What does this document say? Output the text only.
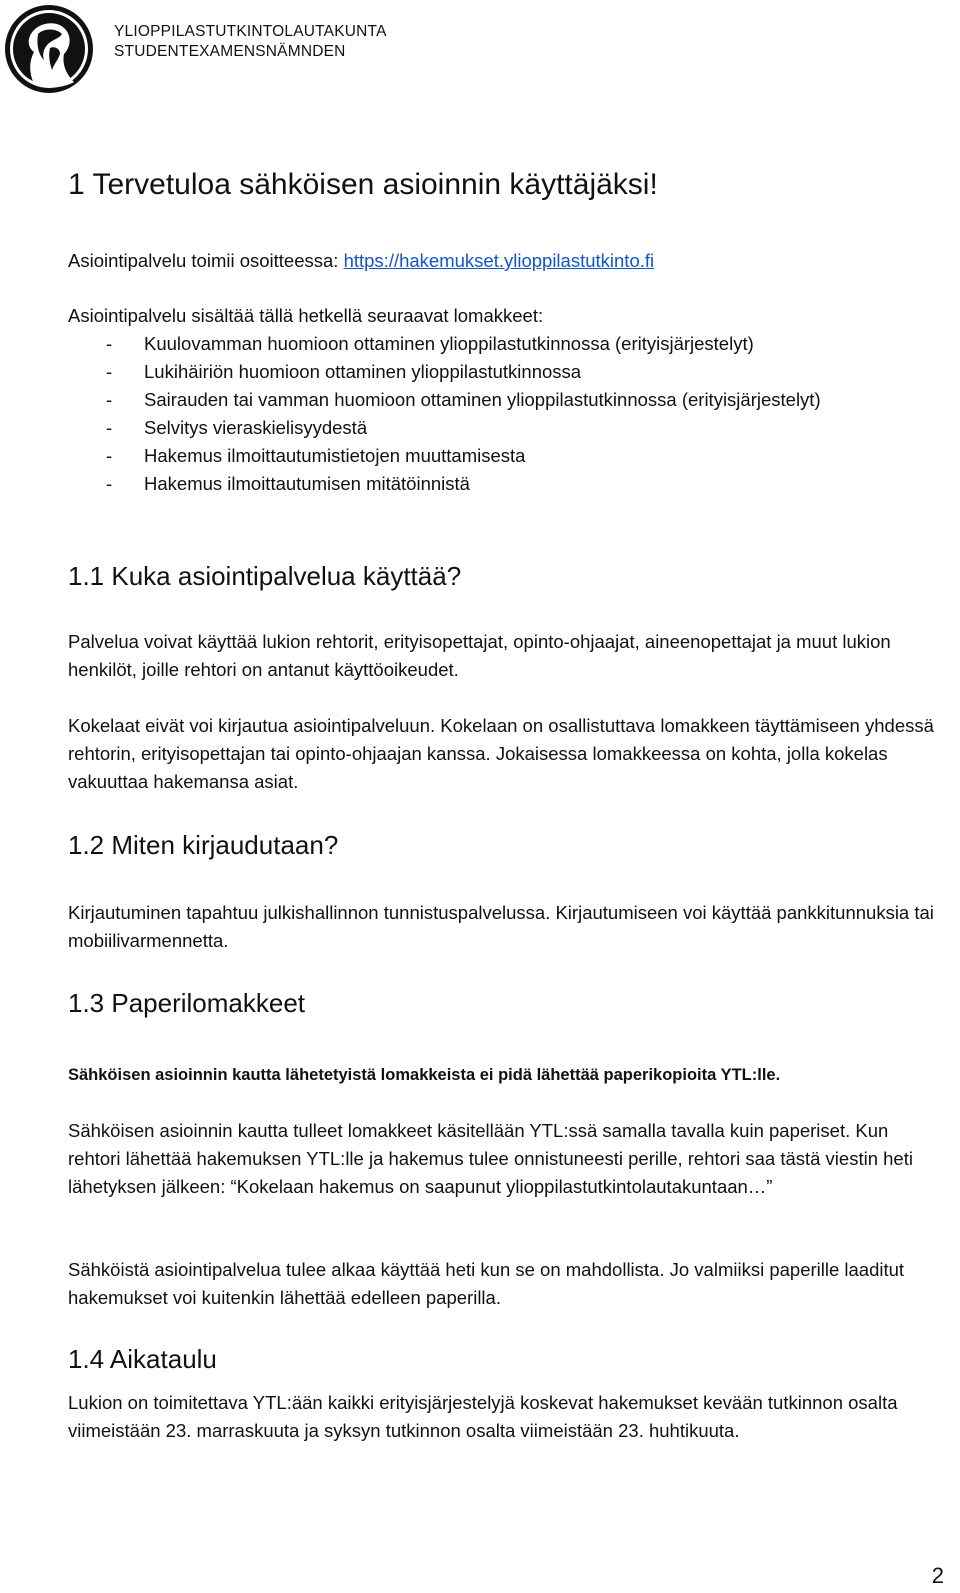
YLIOPPILASTUTKINTOLAUTAKUNTA
STUDENTEXAMENSNÄMNDEN
1 Tervetuloa sähköisen asioinnin käyttäjäksi!
Asiointipalvelu toimii osoitteessa: https://hakemukset.ylioppilastutkinto.fi
Asiointipalvelu sisältää tällä hetkellä seuraavat lomakkeet:
- Kuulovamman huomioon ottaminen ylioppilastutkinnossa (erityisjärjestelyt)
- Lukihäiriön huomioon ottaminen ylioppilastutkinnossa
- Sairauden tai vamman huomioon ottaminen ylioppilastutkinnossa (erityisjärjestelyt)
- Selvitys vieraskielisyydestä
- Hakemus ilmoittautumistietojen muuttamisesta
- Hakemus ilmoittautumisen mitätöinnistä
1.1 Kuka asiointipalvelua käyttää?
Palvelua voivat käyttää lukion rehtorit, erityisopettajat, opinto-ohjaajat, aineenopettajat ja muut lukion henkilöt, joille rehtori on antanut käyttöoikeudet.
Kokelaat eivät voi kirjautua asiointipalveluun. Kokelaan on osallistuttava lomakkeen täyttämiseen yhdessä rehtorin, erityisopettajan tai opinto-ohjaajan kanssa. Jokaisessa lomakkeessa on kohta, jolla kokelas vakuuttaa hakemansa asiat.
1.2 Miten kirjaudutaan?
Kirjautuminen tapahtuu julkishallinnon tunnistuspalvelussa. Kirjautumiseen voi käyttää pankkitunnuksia tai mobiilivarmennetta.
1.3 Paperilomakkeet
Sähköisen asioinnin kautta lähetetyistä lomakkeista ei pidä lähettää paperikopioita YTL:lle.
Sähköisen asioinnin kautta tulleet lomakkeet käsitellään YTL:ssä samalla tavalla kuin paperiset. Kun rehtori lähettää hakemuksen YTL:lle ja hakemus tulee onnistuneesti perille, rehtori saa tästä viestin heti lähetyksen jälkeen: “Kokelaan hakemus on saapunut ylioppilastutkintolautakuntaan…”
Sähköistä asiointipalvelua tulee alkaa käyttää heti kun se on mahdollista. Jo valmiiksi paperille laaditut hakemukset voi kuitenkin lähettää edelleen paperilla.
1.4 Aikataulu
Lukion on toimitettava YTL:ään kaikki erityisjärjestelyjä koskevat hakemukset kevään tutkinnon osalta viimeistään 23. marraskuuta ja syksyn tutkinnon osalta viimeistään 23. huhtikuuta.
2
